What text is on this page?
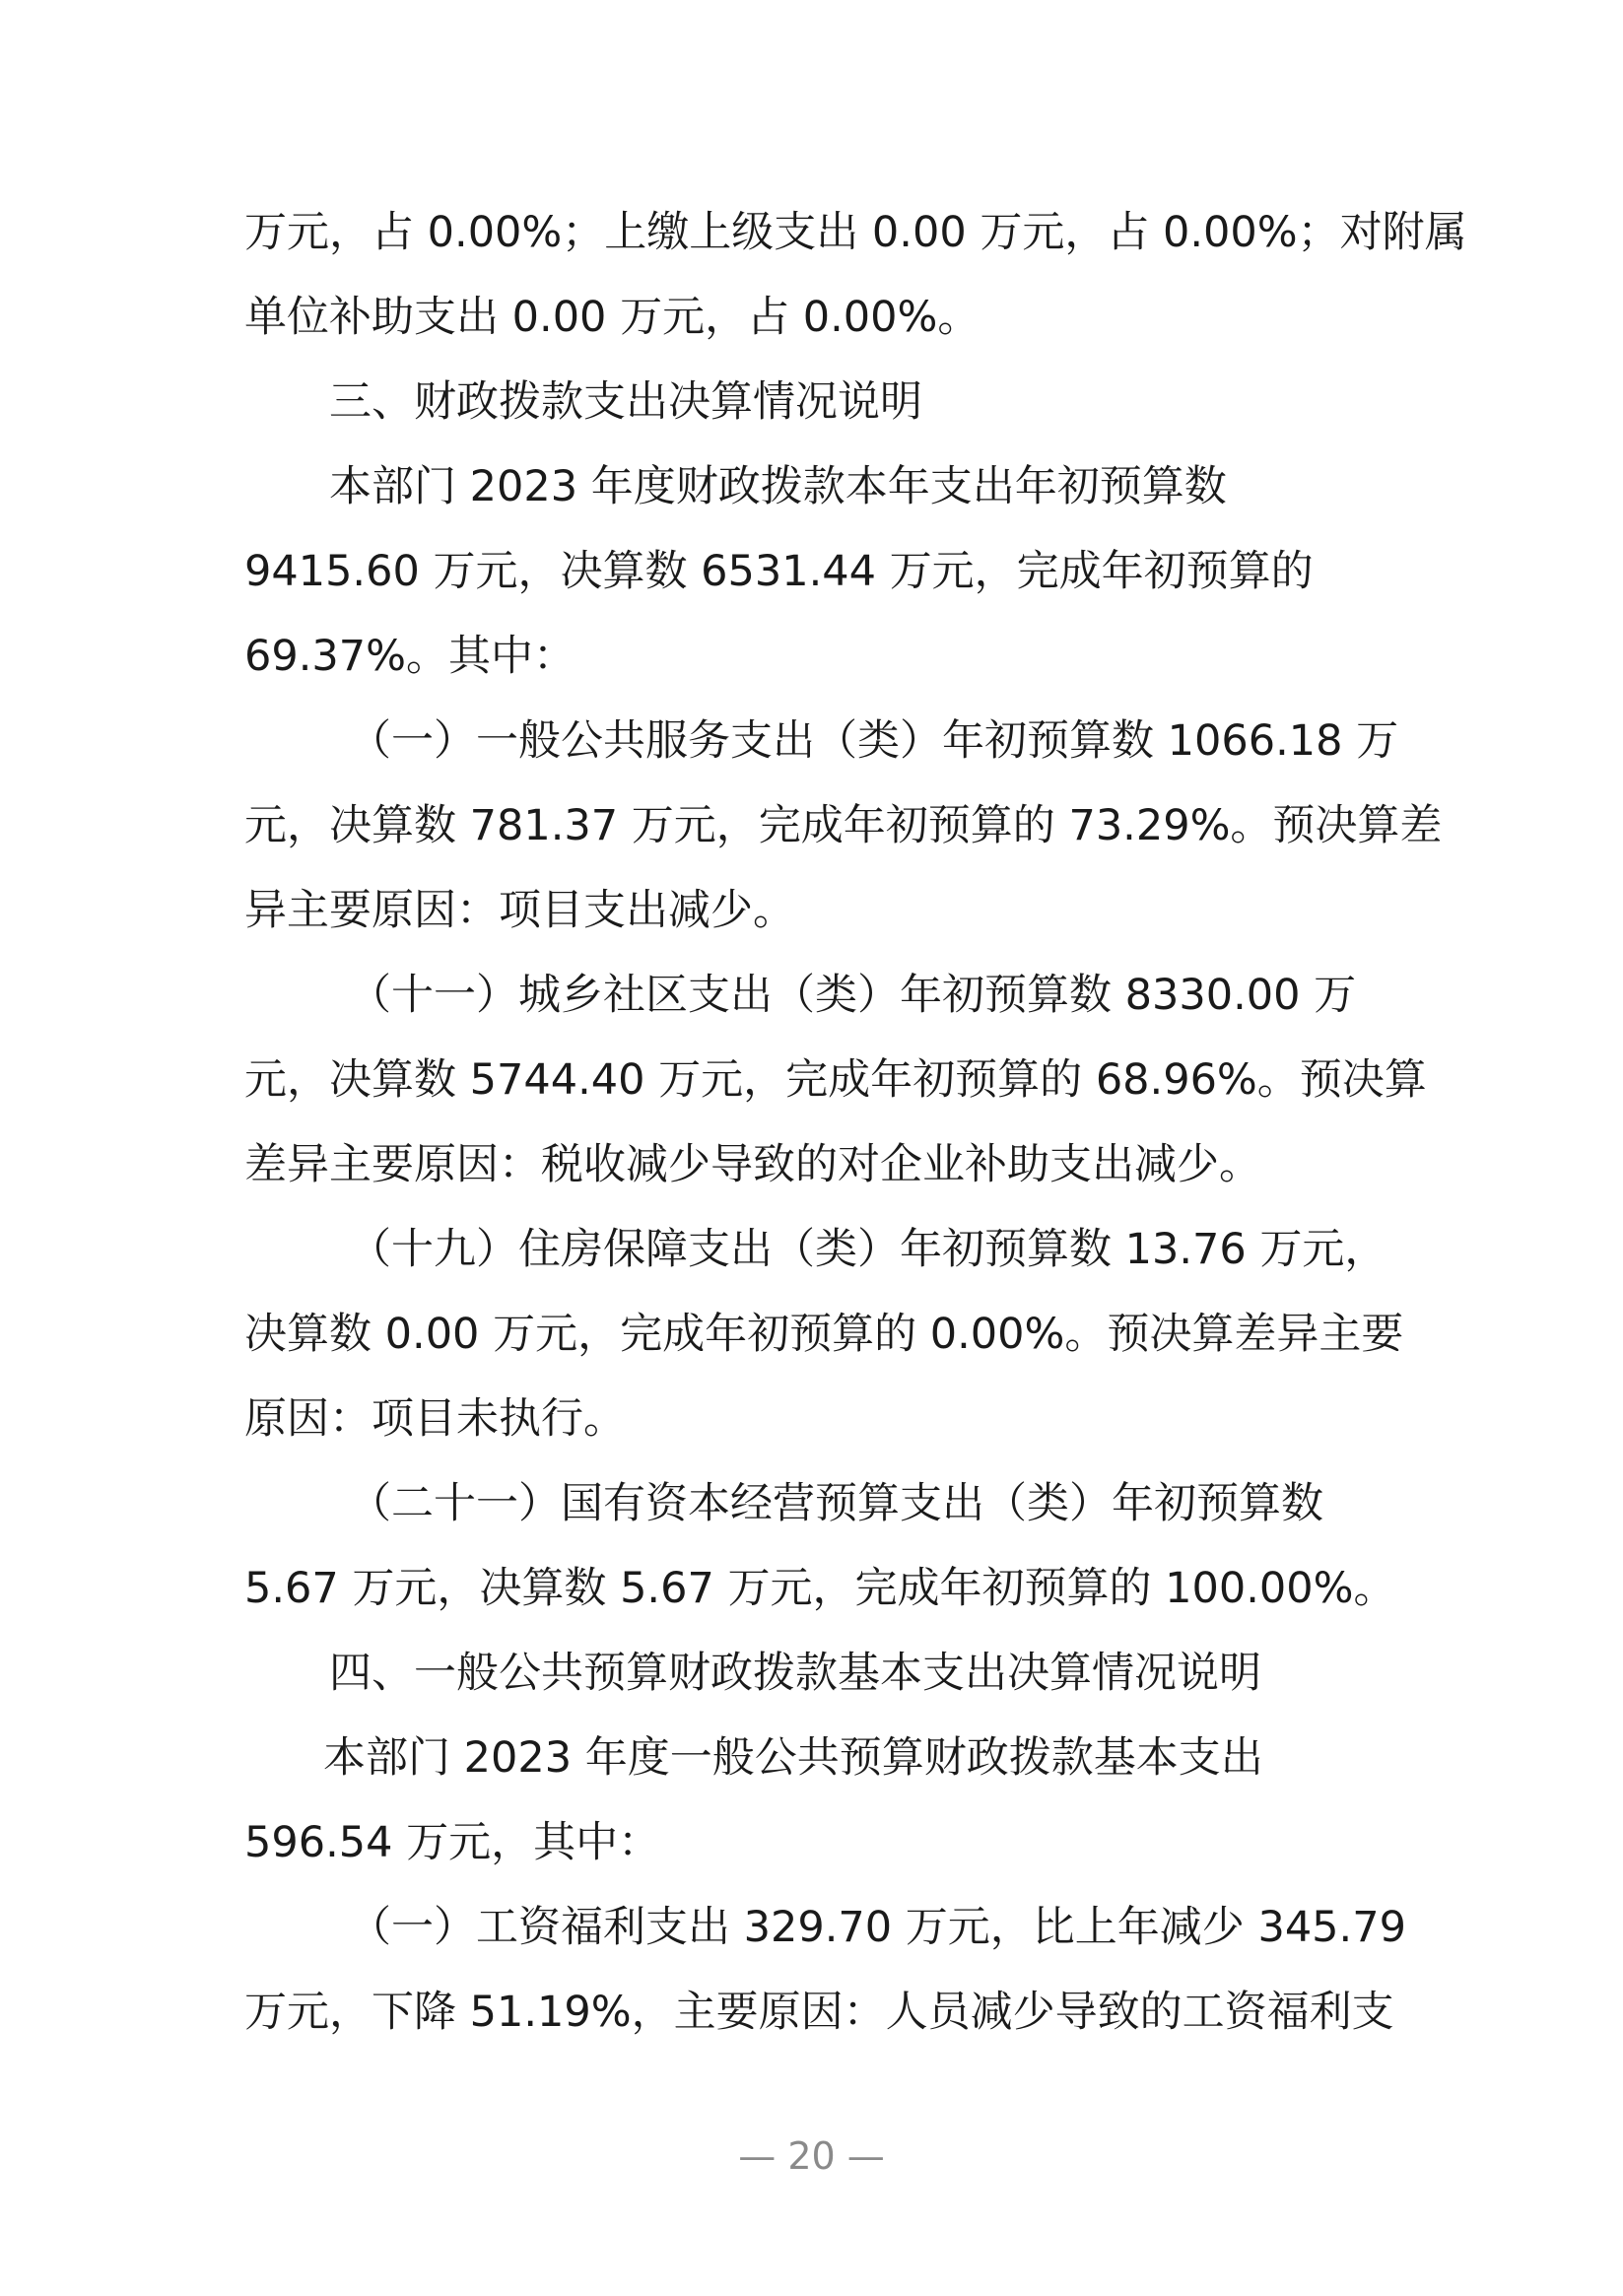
万元，占 0.00%；上缴上级支出 0.00 万元，占 0.00%；对附属
单位补助支出 0.00 万元，占 0.00%。
三、财政拨款支出决算情况说明
本部门 2023 年度财政拨款本年支出年初预算数
9415.60 万元，决算数 6531.44 万元，完成年初预算的
69.37%。其中：
（一）一般公共服务支出（类）年初预算数 1066.18 万
元，决算数 781.37 万元，完成年初预算的 73.29%。预决算差
异主要原因：项目支出减少。
（十一）城乡社区支出（类）年初预算数 8330.00 万
元，决算数 5744.40 万元，完成年初预算的 68.96%。预决算
差异主要原因：税收减少导致的对企业补助支出减少。
（十九）住房保障支出（类）年初预算数 13.76 万元，
决算数 0.00 万元，完成年初预算的 0.00%。预决算差异主要
原因：项目未执行。
（二十一）国有资本经营预算支出（类）年初预算数
5.67 万元，决算数 5.67 万元，完成年初预算的 100.00%。
四、一般公共预算财政拨款基本支出决算情况说明
本部门 2023 年度一般公共预算财政拨款基本支出
596.54 万元，其中：
（一）工资福利支出 329.70 万元，比上年减少 345.79
万元，下降 51.19%，主要原因：人员减少导致的工资福利支
— 20 —
